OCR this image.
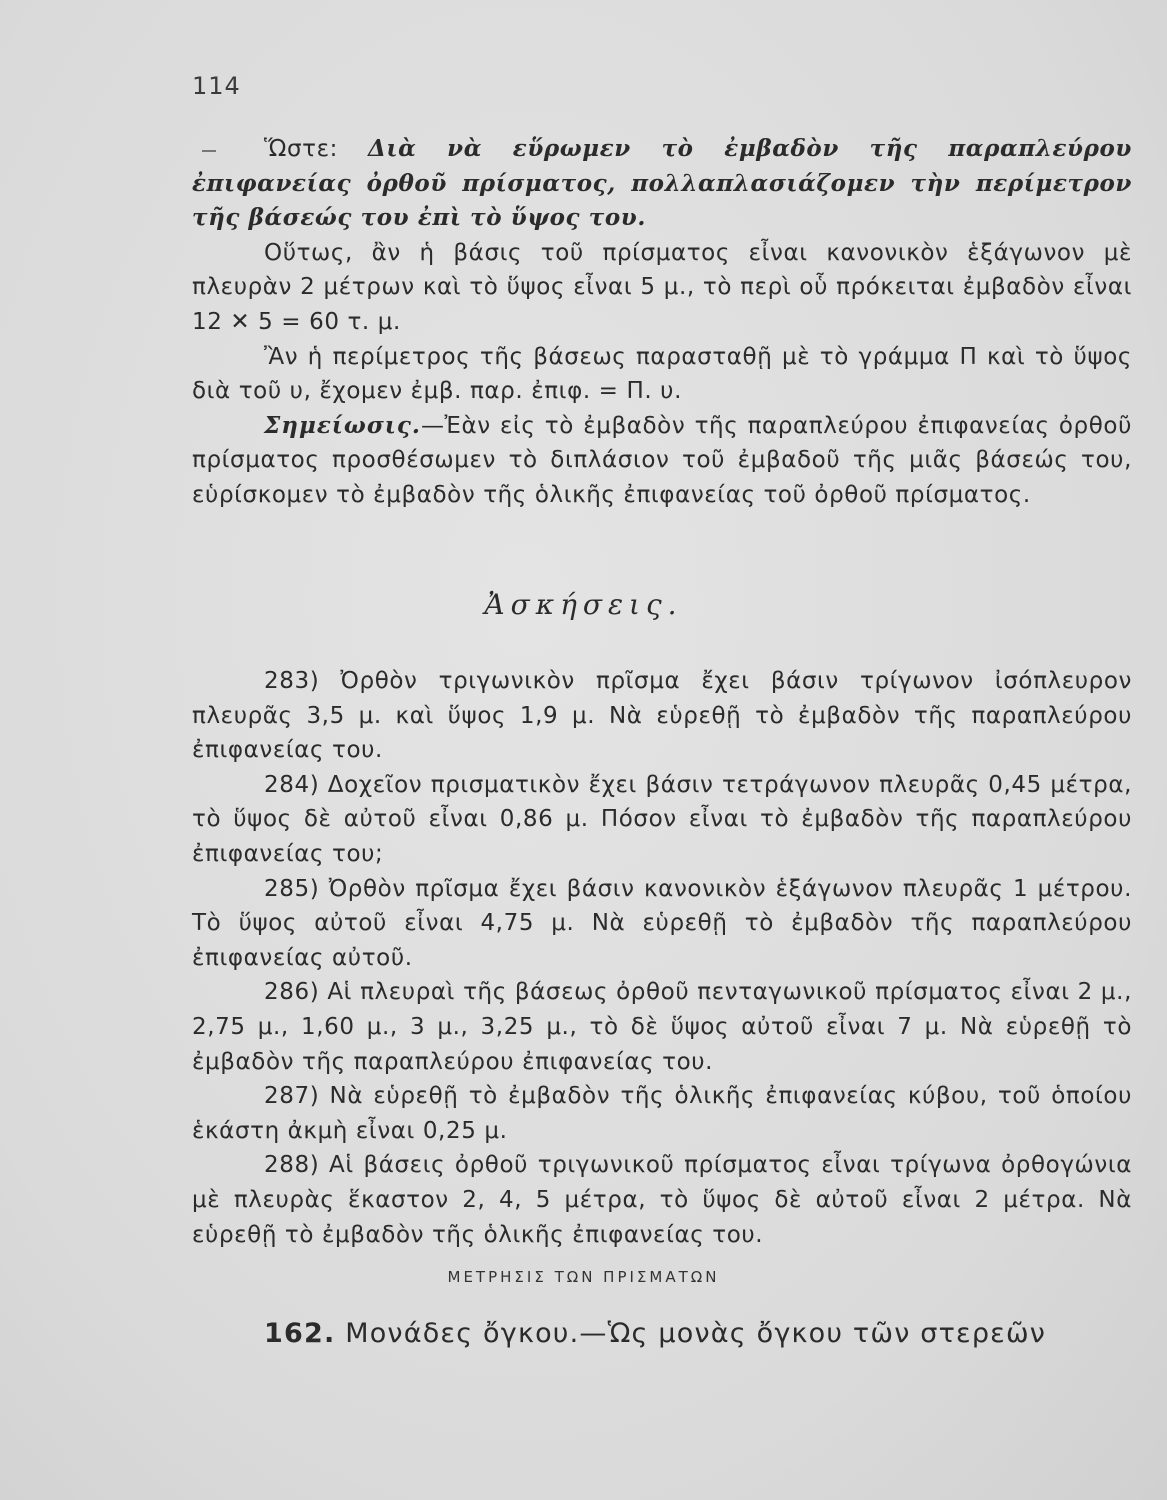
114

Ὥστε: Διὰ νὰ εὕρωμεν τὸ ἐμβαδὸν τῆς παραπλεύρου ἐπιφανείας ὀρθοῦ πρίσματος, πολλαπλασιάζομεν τὴν περίμετρον τῆς βάσεώς του ἐπὶ τὸ ὕψος του.

Οὕτως, ἂν ἡ βάσις τοῦ πρίσματος εἶναι κανονικὸν ἑξάγωνον μὲ πλευρὰν 2 μέτρων καὶ τὸ ὕψος εἶναι 5 μ., τὸ περὶ οὗ πρόκειται ἐμβαδὸν εἶναι 12 ✕ 5 = 60 τ. μ.

Ἂν ἡ περίμετρος τῆς βάσεως παρασταθῇ μὲ τὸ γράμμα Π καὶ τὸ ὕψος διὰ τοῦ υ, ἔχομεν ἐμβ. παρ. ἐπιφ. = Π. υ.

Σημείωσις.—Ἐὰν εἰς τὸ ἐμβαδὸν τῆς παραπλεύρου ἐπιφανείας ὀρθοῦ πρίσματος προσθέσωμεν τὸ διπλάσιον τοῦ ἐμβαδοῦ τῆς μιᾶς βάσεώς του, εὑρίσκομεν τὸ ἐμβαδὸν τῆς ὁλικῆς ἐπιφανείας τοῦ ὀρθοῦ πρίσματος.

Ἀσκήσεις.

283) Ὀρθὸν τριγωνικὸν πρῖσμα ἔχει βάσιν τρίγωνον ἰσόπλευρον πλευρᾶς 3,5 μ. καὶ ὕψος 1,9 μ. Νὰ εὑρεθῇ τὸ ἐμβαδὸν τῆς παραπλεύρου ἐπιφανείας του.

284) Δοχεῖον πρισματικὸν ἔχει βάσιν τετράγωνον πλευρᾶς 0,45 μέτρα, τὸ ὕψος δὲ αὐτοῦ εἶναι 0,86 μ. Πόσον εἶναι τὸ ἐμβαδὸν τῆς παραπλεύρου ἐπιφανείας του;

285) Ὀρθὸν πρῖσμα ἔχει βάσιν κανονικὸν ἑξάγωνον πλευρᾶς 1 μέτρου. Τὸ ὕψος αὐτοῦ εἶναι 4,75 μ. Νὰ εὑρεθῇ τὸ ἐμβαδὸν τῆς παραπλεύρου ἐπιφανείας αὐτοῦ.

286) Αἱ πλευραὶ τῆς βάσεως ὀρθοῦ πενταγωνικοῦ πρίσματος εἶναι 2 μ., 2,75 μ., 1,60 μ., 3 μ., 3,25 μ., τὸ δὲ ὕψος αὐτοῦ εἶναι 7 μ. Νὰ εὑρεθῇ τὸ ἐμβαδὸν τῆς παραπλεύρου ἐπιφανείας του.

287) Νὰ εὑρεθῇ τὸ ἐμβαδὸν τῆς ὁλικῆς ἐπιφανείας κύβου, τοῦ ὁποίου ἑκάστη ἀκμὴ εἶναι 0,25 μ.

288) Αἱ βάσεις ὀρθοῦ τριγωνικοῦ πρίσματος εἶναι τρίγωνα ὀρθογώνια μὲ πλευρὰς ἕκαστον 2, 4, 5 μέτρα, τὸ ὕψος δὲ αὐτοῦ εἶναι 2 μέτρα. Νὰ εὑρεθῇ τὸ ἐμβαδὸν τῆς ὁλικῆς ἐπιφανείας του.

ΜΕΤΡΗΣΙΣ ΤΩΝ ΠΡΙΣΜΑΤΩΝ
162. Μονάδες ὄγκου.—Ὡς μονὰς ὄγκου τῶν στερεῶν
